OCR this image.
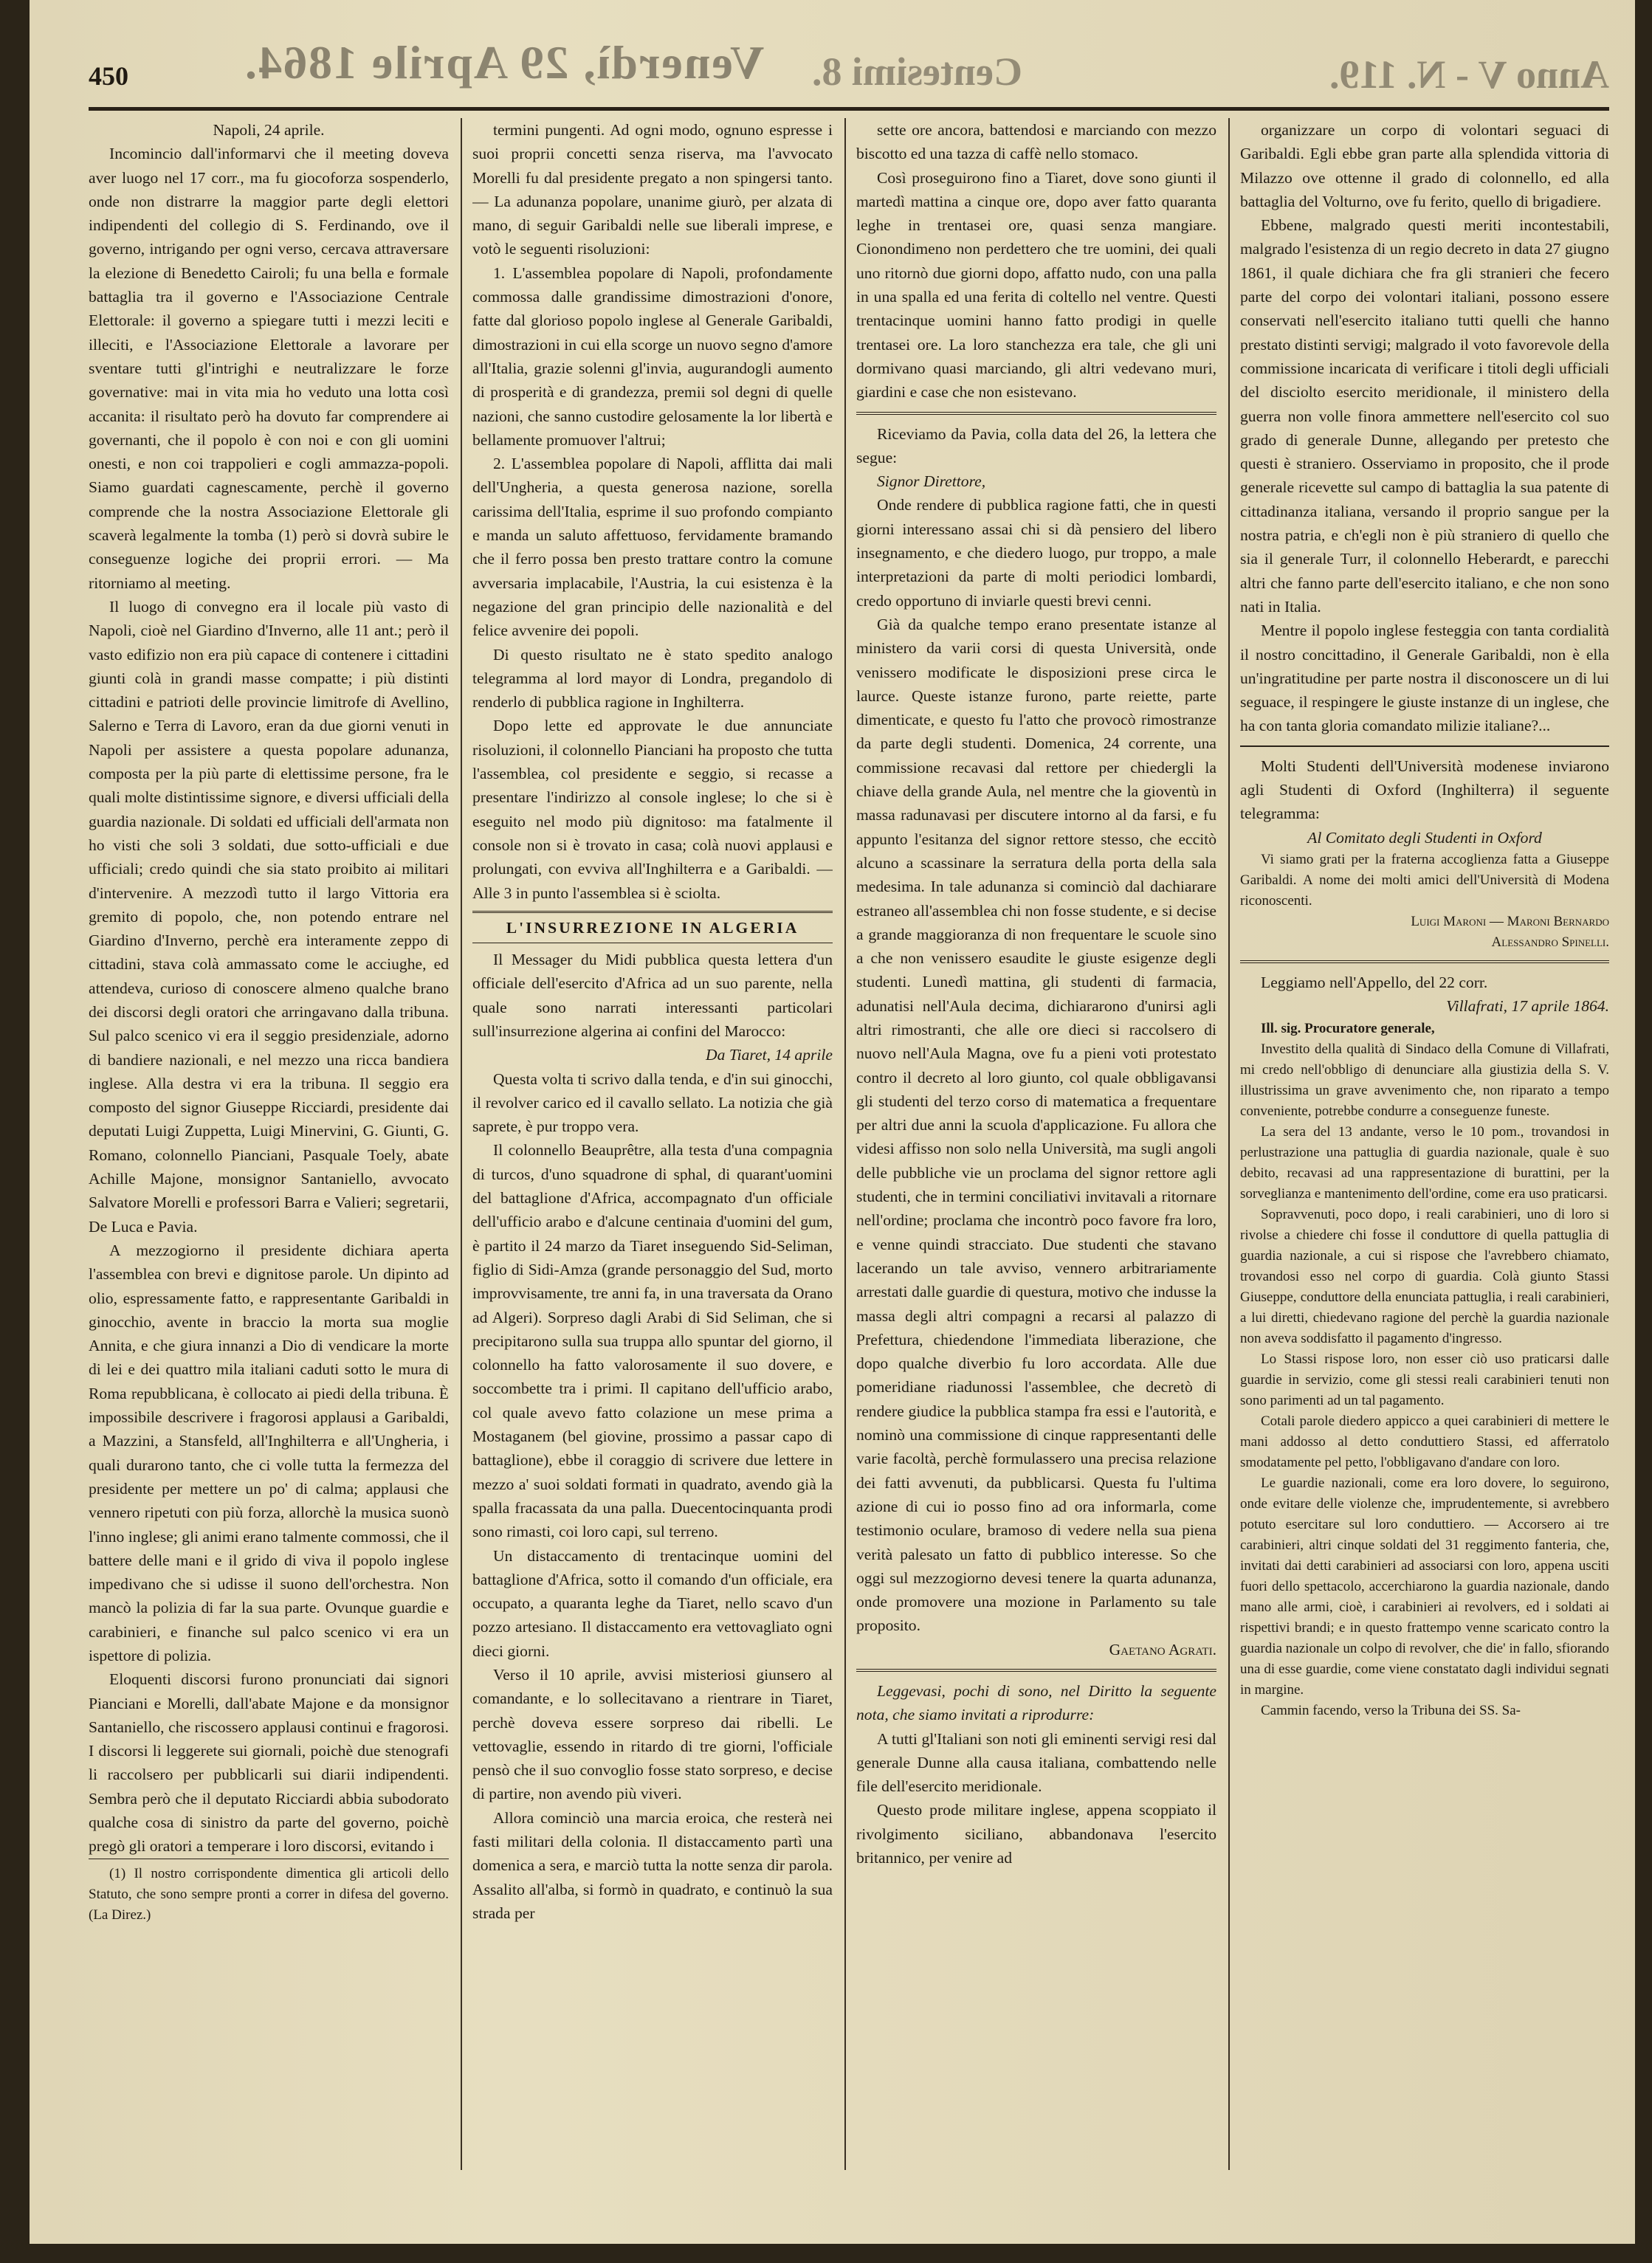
450 Venerdì, 29 Aprile 1864. Centesimi 8.	Anno V - N. 119.

Napoli, 24 aprile.

Incomincio dall'informarvi che il meeting doveva aver luogo nel 17 corr., ma fu giocoforza sospenderlo, onde non distrarre la maggior parte degli elettori indipendenti del collegio di S. Ferdinando, ove il governo, intrigando per ogni verso, cercava attraversare la elezione di Benedetto Cairoli; fu una bella e formale battaglia tra il governo e l'Associazione Centrale Elettorale: il governo a spiegare tutti i mezzi leciti e illeciti, e l'Associazione Elettorale a lavorare per sventare tutti gl'intrighi e neutralizzare le forze governative: mai in vita mia ho veduto una lotta così accanita: il risultato però ha dovuto far comprendere ai governanti, che il popolo è con noi e con gli uomini onesti, e non coi trappolieri e cogli ammazza-popoli. Siamo guardati cagnescamente, perchè il governo comprende che la nostra Associazione Elettorale gli scaverà legalmente la tomba (1) però si dovrà subire le conseguenze logiche dei proprii errori. — Ma ritorniamo al meeting.

Il luogo di convegno era il locale più vasto di Napoli, cioè nel Giardino d'Inverno, alle 11 ant.; però il vasto edifizio non era più capace di contenere i cittadini giunti colà in grandi masse compatte; i più distinti cittadini e patrioti delle provincie limitrofe di Avellino, Salerno e Terra di Lavoro, eran da due giorni venuti in Napoli per assistere a questa popolare adunanza, composta per la più parte di elettissime persone, fra le quali molte distintissime signore, e diversi ufficiali della guardia nazionale. Di soldati ed ufficiali dell'armata non ho visti che soli 3 soldati, due sotto-ufficiali e due ufficiali; credo quindi che sia stato proibito ai militari d'intervenire. A mezzodì tutto il largo Vittoria era gremito di popolo, che, non potendo entrare nel Giardino d'Inverno, perchè era interamente zeppo di cittadini, stava colà ammassato come le acciughe, ed attendeva, curioso di conoscere almeno qualche brano dei discorsi degli oratori che arringavano dalla tribuna. Sul palco scenico vi era il seggio presidenziale, adorno di bandiere nazionali, e nel mezzo una ricca bandiera inglese. Alla destra vi era la tribuna. Il seggio era composto del signor Giuseppe Ricciardi, presidente dai deputati Luigi Zuppetta, Luigi Minervini, G. Giunti, G. Romano, colonnello Pianciani, Pasquale Toely, abate Achille Majone, monsignor Santaniello, avvocato Salvatore Morelli e professori Barra e Valieri; segretarii, De Luca e Pavia.

A mezzogiorno il presidente dichiara aperta l'assemblea con brevi e dignitose parole. Un dipinto ad olio, espressamente fatto, e rappresentante Garibaldi in ginocchio, avente in braccio la morta sua moglie Annita, e che giura innanzi a Dio di vendicare la morte di lei e dei quattro mila italiani caduti sotto le mura di Roma repubblicana, è collocato ai piedi della tribuna. È impossibile descrivere i fragorosi applausi a Garibaldi, a Mazzini, a Stansfeld, all'Inghilterra e all'Ungheria, i quali durarono tanto, che ci volle tutta la fermezza del presidente per mettere un po' di calma; applausi che vennero ripetuti con più forza, allorchè la musica suonò l'inno inglese; gli animi erano talmente commossi, che il battere delle mani e il grido di viva il popolo inglese impedivano che si udisse il suono dell'orchestra. Non mancò la polizia di far la sua parte. Ovunque guardie e carabinieri, e finanche sul palco scenico vi era un ispettore di polizia.

Eloquenti discorsi furono pronunciati dai signori Pianciani e Morelli, dall'abate Majone e da monsignor Santaniello, che riscossero applausi continui e fragorosi. I discorsi li leggerete sui giornali, poichè due stenografi li raccolsero per pubblicarli sui diarii indipendenti. Sembra però che il deputato Ricciardi abbia subodorato qualche cosa di sinistro da parte del governo, poichè pregò gli oratori a temperare i loro discorsi, evitando i

(1) Il nostro corrispondente dimentica gli articoli dello Statuto, che sono sempre pronti a correr in difesa del governo. (La Direz.)

termini pungenti. Ad ogni modo, ognuno espresse i suoi proprii concetti senza riserva, ma l'avvocato Morelli fu dal presidente pregato a non spingersi tanto. — La adunanza popolare, unanime giurò, per alzata di mano, di seguir Garibaldi nelle sue liberali imprese, e votò le seguenti risoluzioni:

1. L'assemblea popolare di Napoli, profondamente commossa dalle grandissime dimostrazioni d'onore, fatte dal glorioso popolo inglese al Generale Garibaldi, dimostrazioni in cui ella scorge un nuovo segno d'amore all'Italia, grazie solenni gl'invia, augurandogli aumento di prosperità e di grandezza, premii sol degni di quelle nazioni, che sanno custodire gelosamente la lor libertà e bellamente promuover l'altrui;

2. L'assemblea popolare di Napoli, afflitta dai mali dell'Ungheria, a questa generosa nazione, sorella carissima dell'Italia, esprime il suo profondo compianto e manda un saluto affettuoso, fervidamente bramando che il ferro possa ben presto trattare contro la comune avversaria implacabile, l'Austria, la cui esistenza è la negazione del gran principio delle nazionalità e del felice avvenire dei popoli.

Di questo risultato ne è stato spedito analogo telegramma al lord mayor di Londra, pregandolo di renderlo di pubblica ragione in Inghilterra.

Dopo lette ed approvate le due annunciate risoluzioni, il colonnello Pianciani ha proposto che tutta l'assemblea, col presidente e seggio, si recasse a presentare l'indirizzo al console inglese; lo che si è eseguito nel modo più dignitoso: ma fatalmente il console non si è trovato in casa; colà nuovi applausi e prolungati, con evviva all'Inghilterra e a Garibaldi. — Alle 3 in punto l'assemblea si è sciolta.

L'INSURREZIONE IN ALGERIA

Il Messager du Midi pubblica questa lettera d'un officiale dell'esercito d'Africa ad un suo parente, nella quale sono narrati interessanti particolari sull'insurrezione algerina ai confini del Marocco:

Da Tiaret, 14 aprile

Questa volta ti scrivo dalla tenda, e d'in sui ginocchi, il revolver carico ed il cavallo sellato. La notizia che già saprete, è pur troppo vera.

Il colonnello Beauprêtre, alla testa d'una compagnia di turcos, d'uno squadrone di sphal, di quarant'uomini del battaglione d'Africa, accompagnato d'un officiale dell'ufficio arabo e d'alcune centinaia d'uomini del gum, è partito il 24 marzo da Tiaret inseguendo Sid-Seliman, figlio di Sidi-Amza (grande personaggio del Sud, morto improvvisamente, tre anni fa, in una traversata da Orano ad Algeri). Sorpreso dagli Arabi di Sid Seliman, che si precipitarono sulla sua truppa allo spuntar del giorno, il colonnello ha fatto valorosamente il suo dovere, e soccombette tra i primi. Il capitano dell'ufficio arabo, col quale avevo fatto colazione un mese prima a Mostaganem (bel giovine, prossimo a passar capo di battaglione), ebbe il coraggio di scrivere due lettere in mezzo a' suoi soldati formati in quadrato, avendo già la spalla fracassata da una palla. Duecentocinquanta prodi sono rimasti, coi loro capi, sul terreno.

Un distaccamento di trentacinque uomini del battaglione d'Africa, sotto il comando d'un officiale, era occupato, a quaranta leghe da Tiaret, nello scavo d'un pozzo artesiano. Il distaccamento era vettovagliato ogni dieci giorni.

Verso il 10 aprile, avvisi misteriosi giunsero al comandante, e lo sollecitavano a rientrare in Tiaret, perchè doveva essere sorpreso dai ribelli. Le vettovaglie, essendo in ritardo di tre giorni, l'officiale pensò che il suo convoglio fosse stato sorpreso, e decise di partire, non avendo più viveri.

Allora cominciò una marcia eroica, che resterà nei fasti militari della colonia. Il distaccamento partì una domenica a sera, e marciò tutta la notte senza dir parola. Assalito all'alba, si formò in quadrato, e continuò la sua strada per

sette ore ancora, battendosi e marciando con mezzo biscotto ed una tazza di caffè nello stomaco.

Così proseguirono fino a Tiaret, dove sono giunti il martedì mattina a cinque ore, dopo aver fatto quaranta leghe in trentasei ore, quasi senza mangiare. Cionondimeno non perdettero che tre uomini, dei quali uno ritornò due giorni dopo, affatto nudo, con una palla in una spalla ed una ferita di coltello nel ventre. Questi trentacinque uomini hanno fatto prodigi in quelle trentasei ore. La loro stanchezza era tale, che gli uni dormivano quasi marciando, gli altri vedevano muri, giardini e case che non esistevano.

Riceviamo da Pavia, colla data del 26, la lettera che segue:

Signor Direttore,

Onde rendere di pubblica ragione fatti, che in questi giorni interessano assai chi si dà pensiero del libero insegnamento, e che diedero luogo, pur troppo, a male interpretazioni da parte di molti periodici lombardi, credo opportuno di inviarle questi brevi cenni.

Già da qualche tempo erano presentate istanze al ministero da varii corsi di questa Università, onde venissero modificate le disposizioni prese circa le laurce. Queste istanze furono, parte reiette, parte dimenticate, e questo fu l'atto che provocò rimostranze da parte degli studenti. Domenica, 24 corrente, una commissione recavasi dal rettore per chiedergli la chiave della grande Aula, nel mentre che la gioventù in massa radunavasi per discutere intorno al da farsi, e fu appunto l'esitanza del signor rettore stesso, che eccitò alcuno a scassinare la serratura della porta della sala medesima. In tale adunanza si cominciò dal dachiarare estraneo all'assemblea chi non fosse studente, e si decise a grande maggioranza di non frequentare le scuole sino a che non venissero esaudite le giuste esigenze degli studenti. Lunedì mattina, gli studenti di farmacia, adunatisi nell'Aula decima, dichiararono d'unirsi agli altri rimostranti, che alle ore dieci si raccolsero di nuovo nell'Aula Magna, ove fu a pieni voti protestato contro il decreto al loro giunto, col quale obbligavansi gli studenti del terzo corso di matematica a frequentare per altri due anni la scuola d'applicazione. Fu allora che videsi affisso non solo nella Università, ma sugli angoli delle pubbliche vie un proclama del signor rettore agli studenti, che in termini conciliativi invitavali a ritornare nell'ordine; proclama che incontrò poco favore fra loro, e venne quindi stracciato. Due studenti che stavano lacerando un tale avviso, vennero arbitrariamente arrestati dalle guardie di questura, motivo che indusse la massa degli altri compagni a recarsi al palazzo di Prefettura, chiedendone l'immediata liberazione, che dopo qualche diverbio fu loro accordata. Alle due pomeridiane riadunossi l'assemblee, che decretò di rendere giudice la pubblica stampa fra essi e l'autorità, e nominò una commissione di cinque rappresentanti delle varie facoltà, perchè formulassero una precisa relazione dei fatti avvenuti, da pubblicarsi. Questa fu l'ultima azione di cui io posso fino ad ora informarla, come testimonio oculare, bramoso di vedere nella sua piena verità palesato un fatto di pubblico interesse. So che oggi sul mezzogiorno devesi tenere la quarta adunanza, onde promovere una mozione in Parlamento su tale proposito.

Gaetano Agrati.

Leggevasi, pochi di sono, nel Diritto la seguente nota, che siamo invitati a riprodurre:

A tutti gl'Italiani son noti gli eminenti servigi resi dal generale Dunne alla causa italiana, combattendo nelle file dell'esercito meridionale.

Questo prode militare inglese, appena scoppiato il rivolgimento siciliano, abbandonava l'esercito britannico, per venire ad

organizzare un corpo di volontari seguaci di Garibaldi. Egli ebbe gran parte alla splendida vittoria di Milazzo ove ottenne il grado di colonnello, ed alla battaglia del Volturno, ove fu ferito, quello di brigadiere.

Ebbene, malgrado questi meriti incontestabili, malgrado l'esistenza di un regio decreto in data 27 giugno 1861, il quale dichiara che fra gli stranieri che fecero parte del corpo dei volontari italiani, possono essere conservati nell'esercito italiano tutti quelli che hanno prestato distinti servigi; malgrado il voto favorevole della commissione incaricata di verificare i titoli degli ufficiali del disciolto esercito meridionale, il ministero della guerra non volle finora ammettere nell'esercito col suo grado di generale Dunne, allegando per pretesto che questi è straniero. Osserviamo in proposito, che il prode generale ricevette sul campo di battaglia la sua patente di cittadinanza italiana, versando il proprio sangue per la nostra patria, e ch'egli non è più straniero di quello che sia il generale Turr, il colonnello Heberardt, e parecchi altri che fanno parte dell'esercito italiano, e che non sono nati in Italia.

Mentre il popolo inglese festeggia con tanta cordialità il nostro concittadino, il Generale Garibaldi, non è ella un'ingratitudine per parte nostra il disconoscere un di lui seguace, il respingere le giuste instanze di un inglese, che ha con tanta gloria comandato milizie italiane?...

Molti Studenti dell'Università modenese inviarono agli Studenti di Oxford (Inghilterra) il seguente telegramma:

Al Comitato degli Studenti in Oxford

Vi siamo grati per la fraterna accoglienza fatta a Giuseppe Garibaldi. A nome dei molti amici dell'Università di Modena riconoscenti.

Luigi Maroni — Maroni Bernardo

Alessandro Spinelli.

Leggiamo nell'Appello, del 22 corr.

Villafrati, 17 aprile 1864.

Ill. sig. Procuratore generale,

Investito della qualità di Sindaco della Comune di Villafrati, mi credo nell'obbligo di denunciare alla giustizia della S. V. illustrissima un grave avvenimento che, non riparato a tempo conveniente, potrebbe condurre a conseguenze funeste.

La sera del 13 andante, verso le 10 pom., trovandosi in perlustrazione una pattuglia di guardia nazionale, quale è suo debito, recavasi ad una rappresentazione di burattini, per la sorveglianza e mantenimento dell'ordine, come era uso praticarsi.

Sopravvenuti, poco dopo, i reali carabinieri, uno di loro si rivolse a chiedere chi fosse il conduttore di quella pattuglia di guardia nazionale, a cui si rispose che l'avrebbero chiamato, trovandosi esso nel corpo di guardia. Colà giunto Stassi Giuseppe, conduttore della enunciata pattuglia, i reali carabinieri, a lui diretti, chiedevano ragione del perchè la guardia nazionale non aveva soddisfatto il pagamento d'ingresso.

Lo Stassi rispose loro, non esser ciò uso praticarsi dalle guardie in servizio, come gli stessi reali carabinieri tenuti non sono parimenti ad un tal pagamento.

Cotali parole diedero appicco a quei carabinieri di mettere le mani addosso al detto conduttiero Stassi, ed afferratolo smodatamente pel petto, l'obbligavano d'andare con loro.

Le guardie nazionali, come era loro dovere, lo seguirono, onde evitare delle violenze che, imprudentemente, si avrebbero potuto esercitare sul loro conduttiero. — Accorsero ai tre carabinieri, altri cinque soldati del 31 reggimento fanteria, che, invitati dai detti carabinieri ad associarsi con loro, appena usciti fuori dello spettacolo, accerchiarono la guardia nazionale, dando mano alle armi, cioè, i carabinieri ai revolvers, ed i soldati ai rispettivi brandi; e in questo frattempo venne scaricato contro la guardia nazionale un colpo di revolver, che die' in fallo, sfiorando una di esse guardie, come viene constatato dagli individui segnati in margine.

Cammin facendo, verso la Tribuna dei SS. Sa-
